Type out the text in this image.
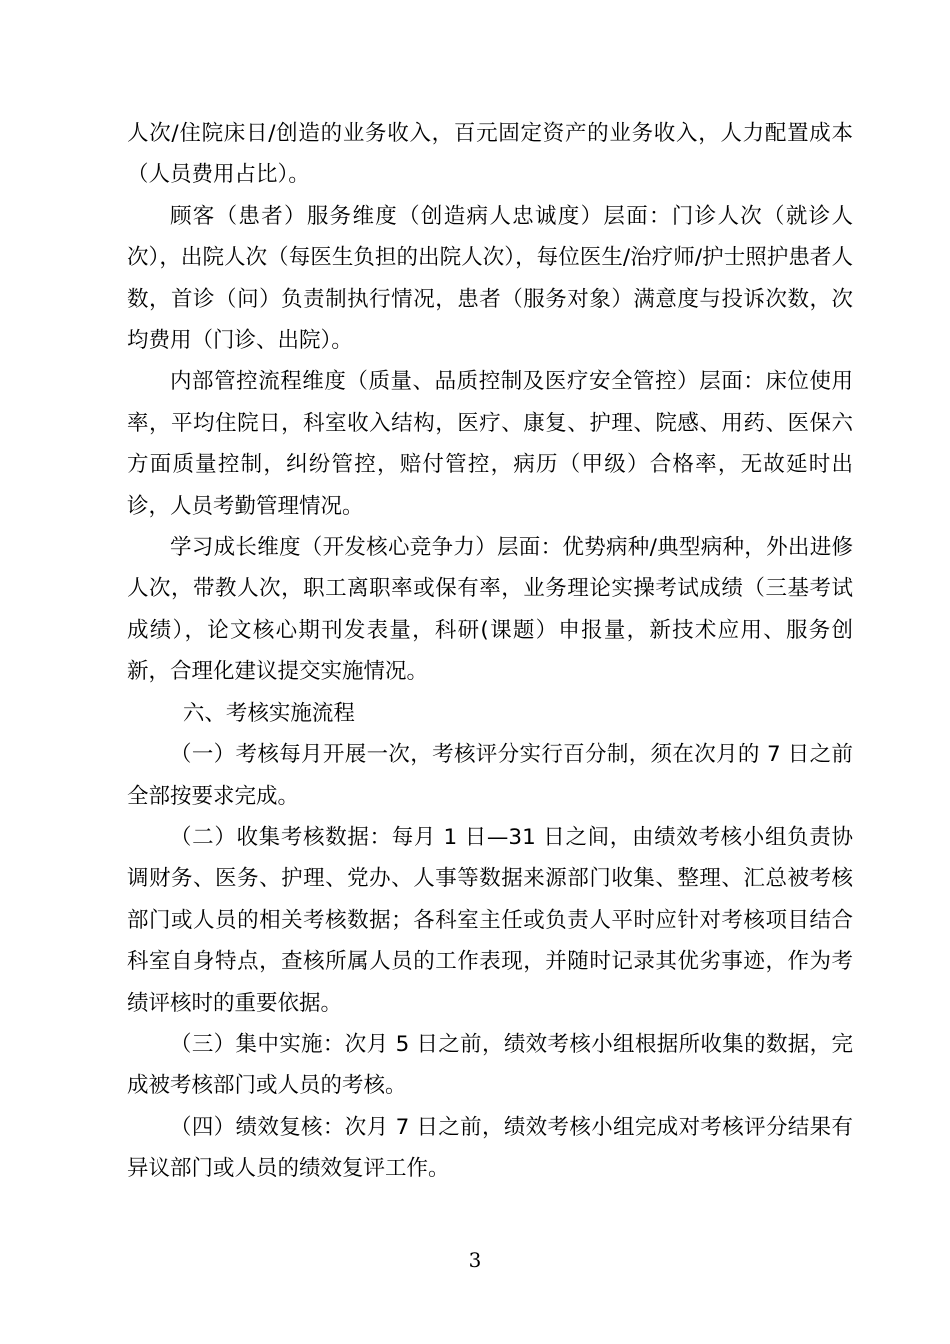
人次/住院床日/创造的业务收入，百元固定资产的业务收入，人力配置成本（人员费用占比）。

顾客（患者）服务维度（创造病人忠诚度）层面：门诊人次（就诊人次），出院人次（每医生负担的出院人次），每位医生/治疗师/护士照护患者人数，首诊（问）负责制执行情况，患者（服务对象）满意度与投诉次数，次均费用（门诊、出院）。

内部管控流程维度（质量、品质控制及医疗安全管控）层面：床位使用率，平均住院日，科室收入结构，医疗、康复、护理、院感、用药、医保六方面质量控制，纠纷管控，赔付管控，病历（甲级）合格率，无故延时出诊，人员考勤管理情况。

学习成长维度（开发核心竞争力）层面：优势病种/典型病种，外出进修人次，带教人次，职工离职率或保有率，业务理论实操考试成绩（三基考试成绩），论文核心期刊发表量，科研(课题）申报量，新技术应用、服务创新，合理化建议提交实施情况。

六、考核实施流程

（一）考核每月开展一次，考核评分实行百分制，须在次月的 7 日之前全部按要求完成。

（二）收集考核数据：每月 1 日—31 日之间，由绩效考核小组负责协调财务、医务、护理、党办、人事等数据来源部门收集、整理、汇总被考核部门或人员的相关考核数据；各科室主任或负责人平时应针对考核项目结合科室自身特点，查核所属人员的工作表现，并随时记录其优劣事迹，作为考绩评核时的重要依据。

（三）集中实施：次月 5 日之前，绩效考核小组根据所收集的数据，完成被考核部门或人员的考核。

（四）绩效复核：次月 7 日之前，绩效考核小组完成对考核评分结果有异议部门或人员的绩效复评工作。

3
